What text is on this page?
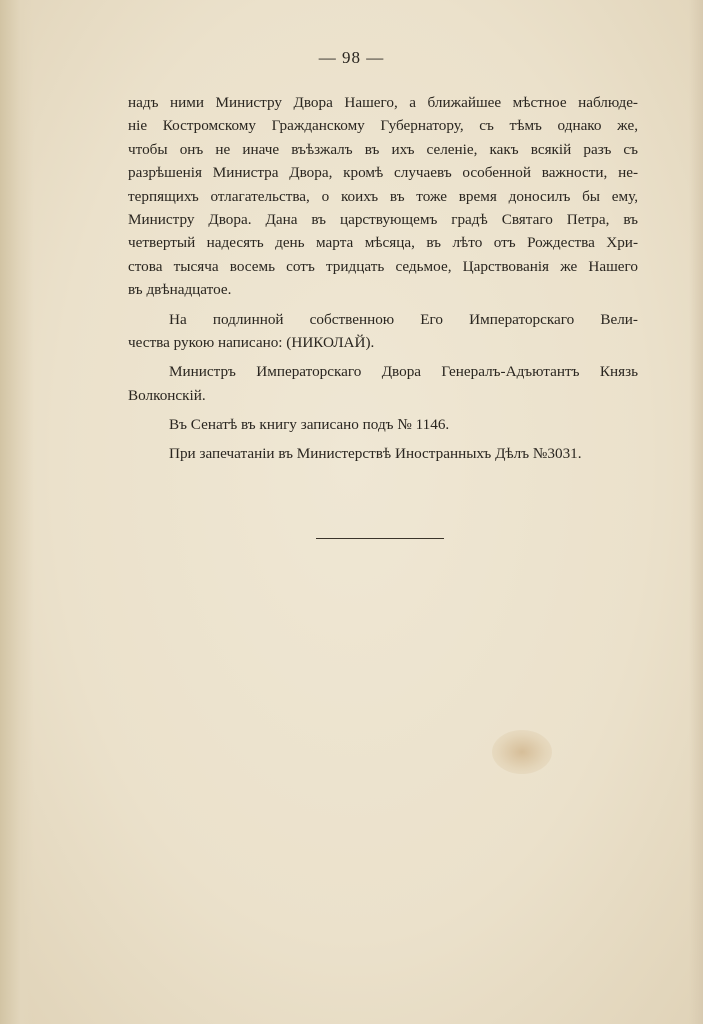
— 98 —
надъ ними Министру Двора Нашего, а ближайшее мѣстное наблюде-
ніе Костромскому Гражданскому Губернатору, съ тѣмъ однако же,
чтобы онъ не иначе въѣзжалъ въ ихъ селеніе, какъ всякій разъ съ
разрѣшенія Министра Двора, кромѣ случаевъ особенной важности, не-
терпящихъ отлагательства, о коихъ въ тоже время доносилъ бы ему,
Министру Двора. Дана въ царствующемъ градѣ Святаго Петра, въ
четвертый надесять день марта мѣсяца, въ лѣто отъ Рождества Хри-
стова тысяча восемь сотъ тридцать седьмое, Царствованія же Нашего
въ двѣнадцатое.
На подлинной собственною Его Императорскаго Вели-
чества рукою написано: (НИКОЛАЙ).
Министръ Императорскаго Двора Генералъ-Адъютантъ Князь
Волконскій.
Въ Сенатѣ въ книгу записано подъ № 1146.
При запечатаніи въ Министерствѣ Иностранныхъ Дѣлъ №3031.
